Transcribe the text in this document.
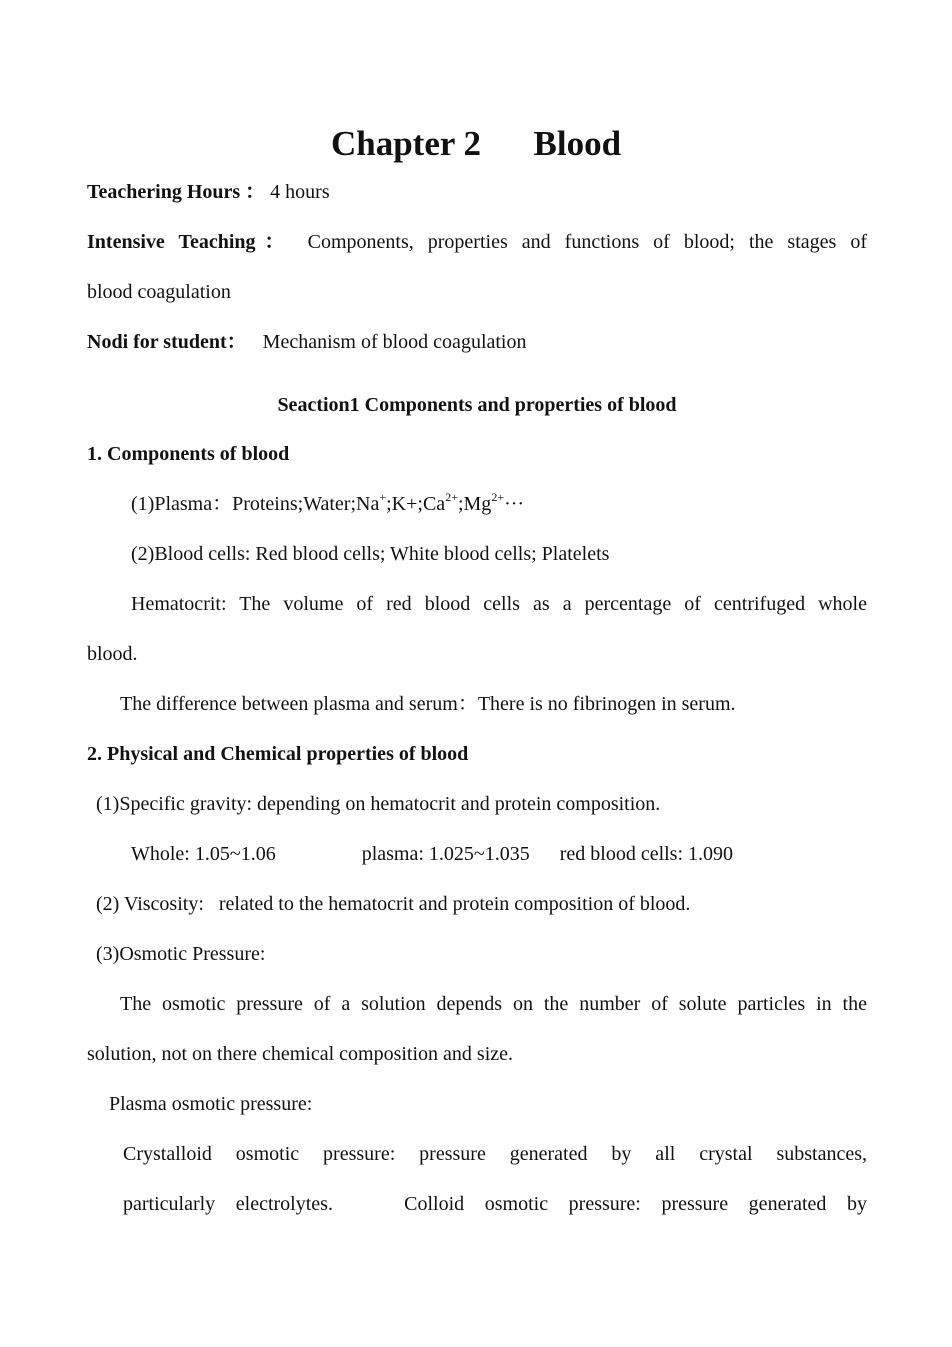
Chapter 2      Blood
Teachering Hours ： 4 hours
Intensive Teaching： Components, properties and functions of blood; the stages of
blood coagulation
Nodi for student： Mechanism of blood coagulation
Seaction1 Components and properties of blood
1. Components of blood
(1)Plasma：$Proteins;Water;Na^+;K+;Ca^{2+};Mg^{2+}\cdot\cdot\cdot$
(2)Blood cells: Red blood cells; White blood cells; Platelets
Hematocrit: The volume of red blood cells as a percentage of centrifuged whole
blood.
The difference between plasma and serum：There is no fibrinogen in serum.
2. Physical and Chemical properties of blood
(1)Specific gravity: depending on hematocrit and protein composition.
Whole: 1.05~1.06	plasma: 1.025~1.035 red blood cells: 1.090
(2) Viscosity:   related to the hematocrit and protein composition of blood.
(3)Osmotic Pressure:
The osmotic pressure of a solution depends on the number of solute particles in the
solution, not on there chemical composition and size.
Plasma osmotic pressure:
Crystalloid osmotic pressure: pressure generated by all crystal substances,
particularly electrolytes.	Colloid osmotic pressure: pressure generated by
